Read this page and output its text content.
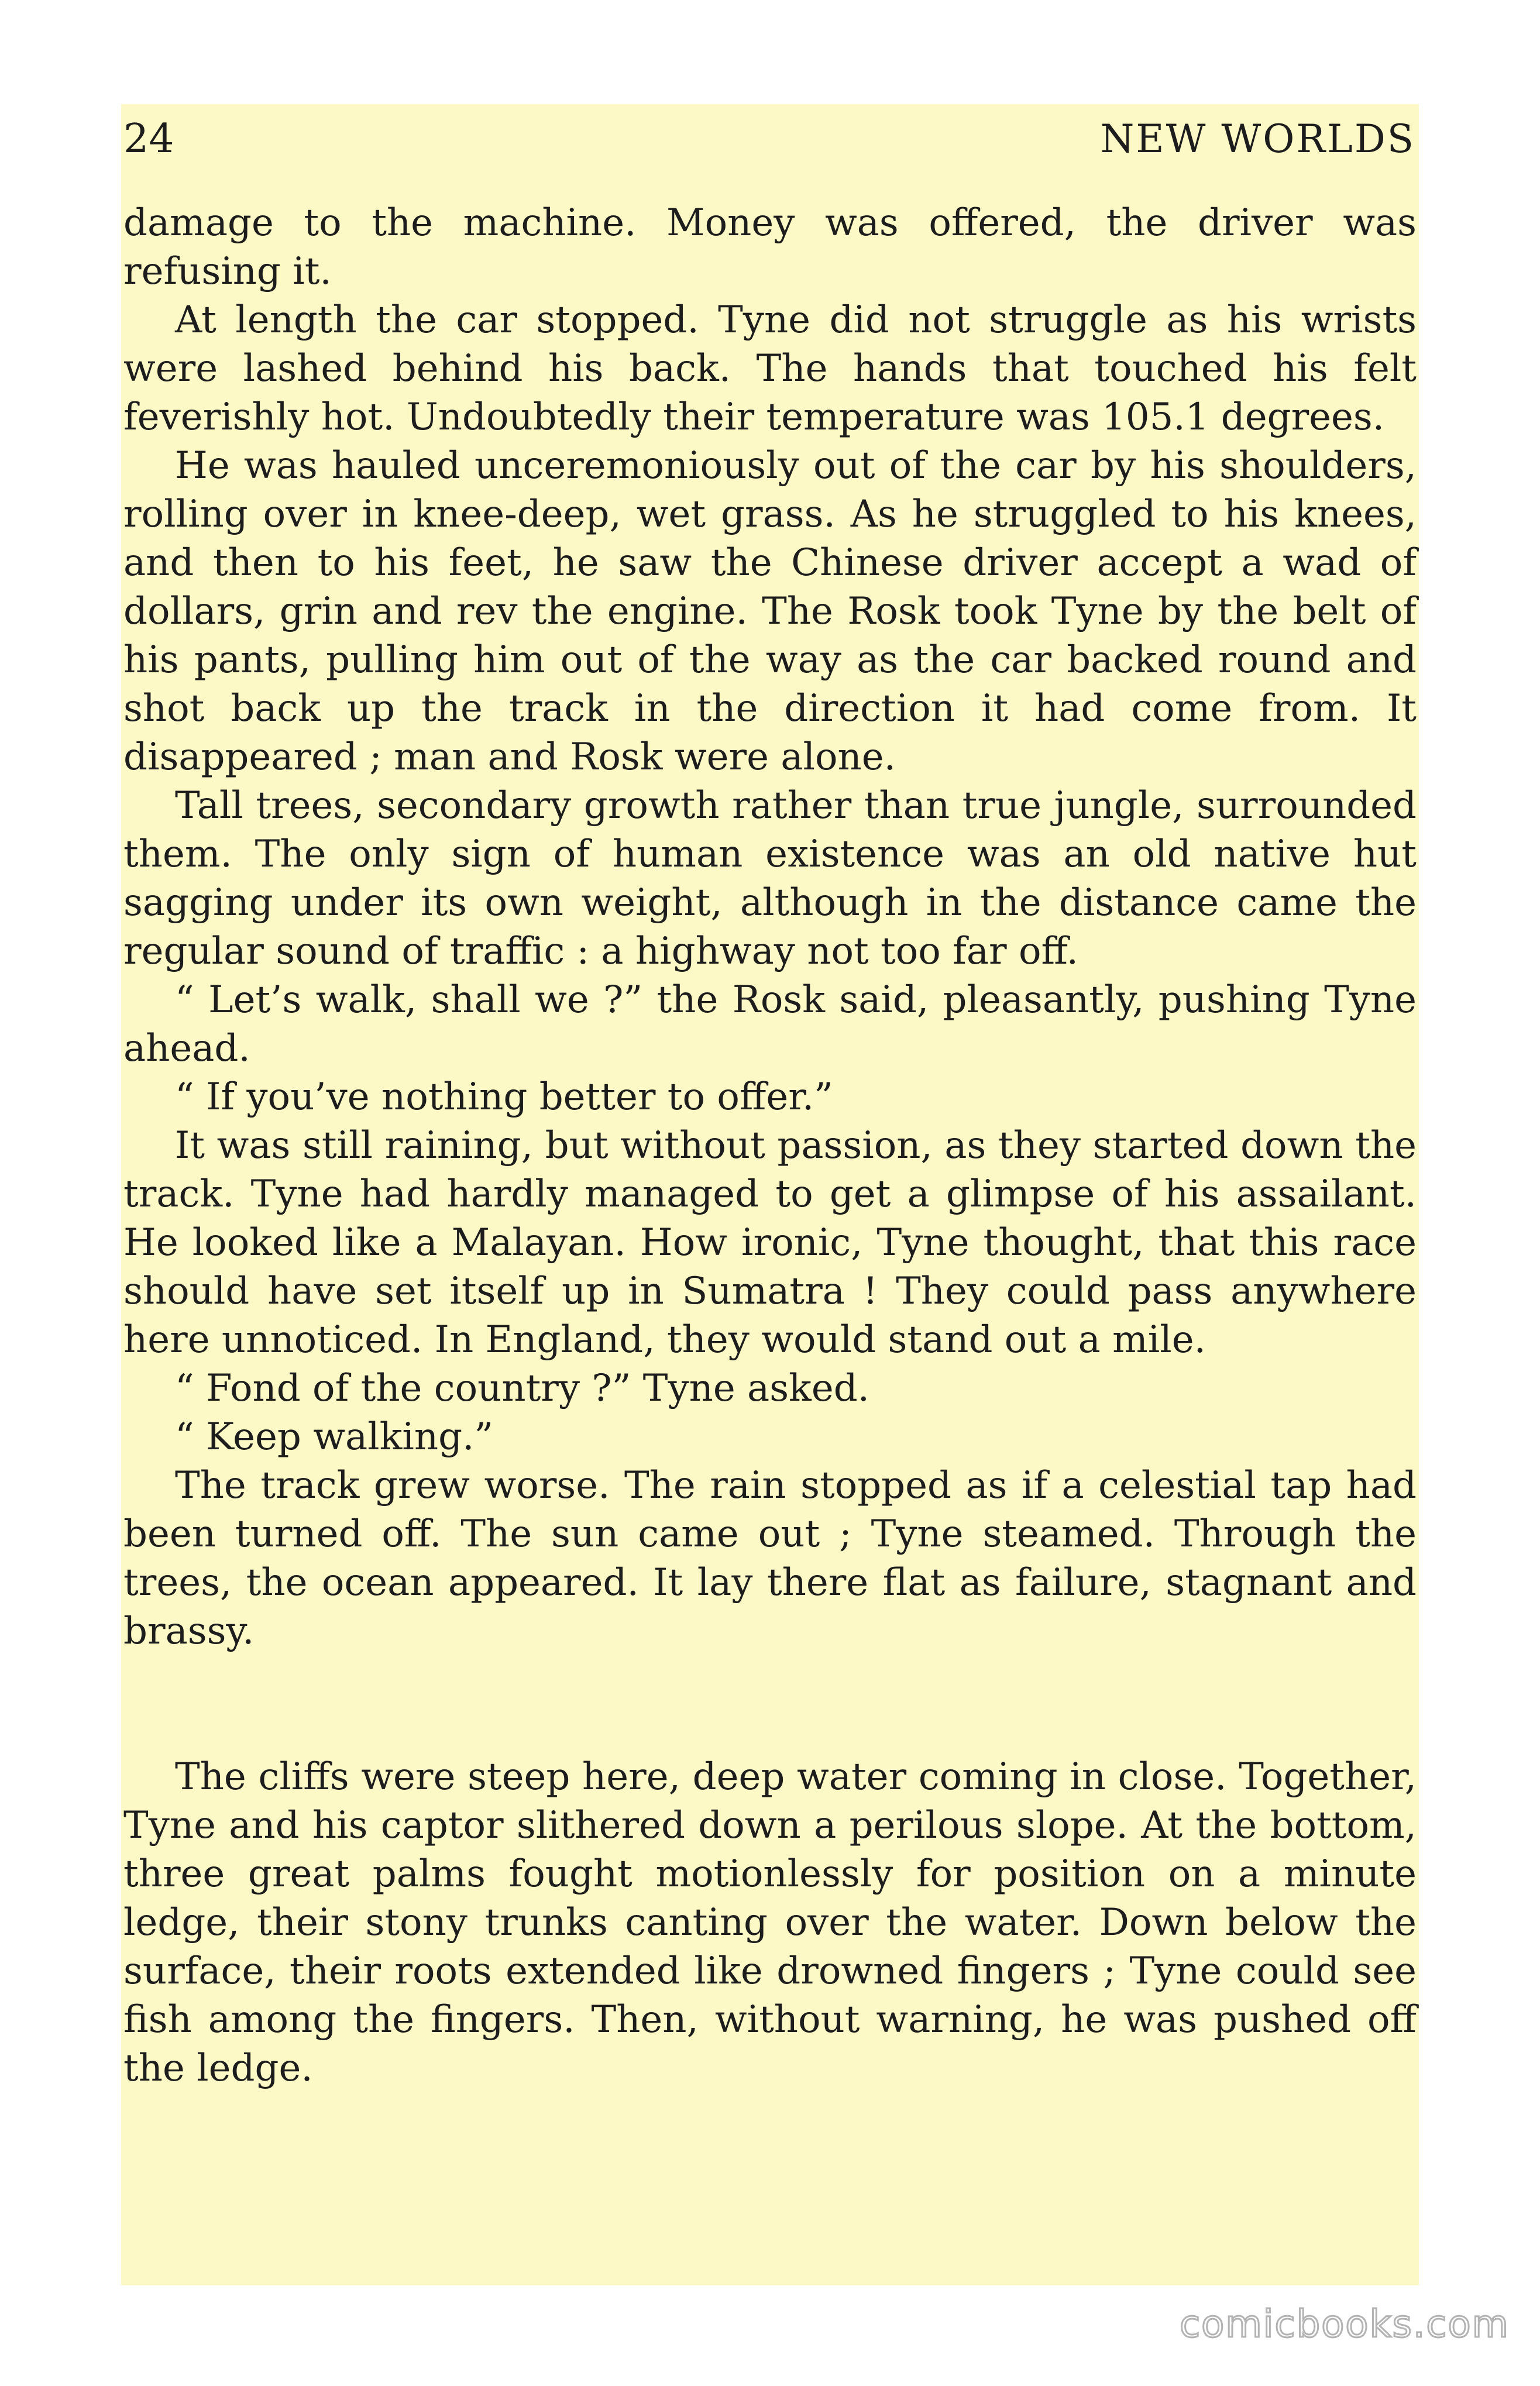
24	NEW WORLDS

damage to the machine. Money was offered, the driver was refusing it.

At length the car stopped. Tyne did not struggle as his wrists were lashed behind his back. The hands that touched his felt feverishly hot. Undoubtedly their temperature was 105.1 degrees.

He was hauled unceremoniously out of the car by his shoulders, rolling over in knee-deep, wet grass. As he struggled to his knees, and then to his feet, he saw the Chinese driver accept a wad of dollars, grin and rev the engine. The Rosk took Tyne by the belt of his pants, pulling him out of the way as the car backed round and shot back up the track in the direction it had come from. It disappeared ; man and Rosk were alone.

Tall trees, secondary growth rather than true jungle, surrounded them. The only sign of human existence was an old native hut sagging under its own weight, although in the distance came the regular sound of traffic : a highway not too far off.

“ Let’s walk, shall we ?” the Rosk said, pleasantly, pushing Tyne ahead.

“ If you’ve nothing better to offer.”

It was still raining, but without passion, as they started down the track. Tyne had hardly managed to get a glimpse of his assailant. He looked like a Malayan. How ironic, Tyne thought, that this race should have set itself up in Sumatra ! They could pass anywhere here unnoticed. In England, they would stand out a mile.

“ Fond of the country ?” Tyne asked.

“ Keep walking.”

The track grew worse. The rain stopped as if a celestial tap had been turned off. The sun came out ; Tyne steamed. Through the trees, the ocean appeared. It lay there flat as failure, stagnant and brassy.

The cliffs were steep here, deep water coming in close. Together, Tyne and his captor slithered down a perilous slope. At the bottom, three great palms fought motionlessly for position on a minute ledge, their stony trunks canting over the water. Down below the surface, their roots extended like drowned fingers ; Tyne could see fish among the fingers. Then, without warning, he was pushed off the ledge.

comicbooks.com
